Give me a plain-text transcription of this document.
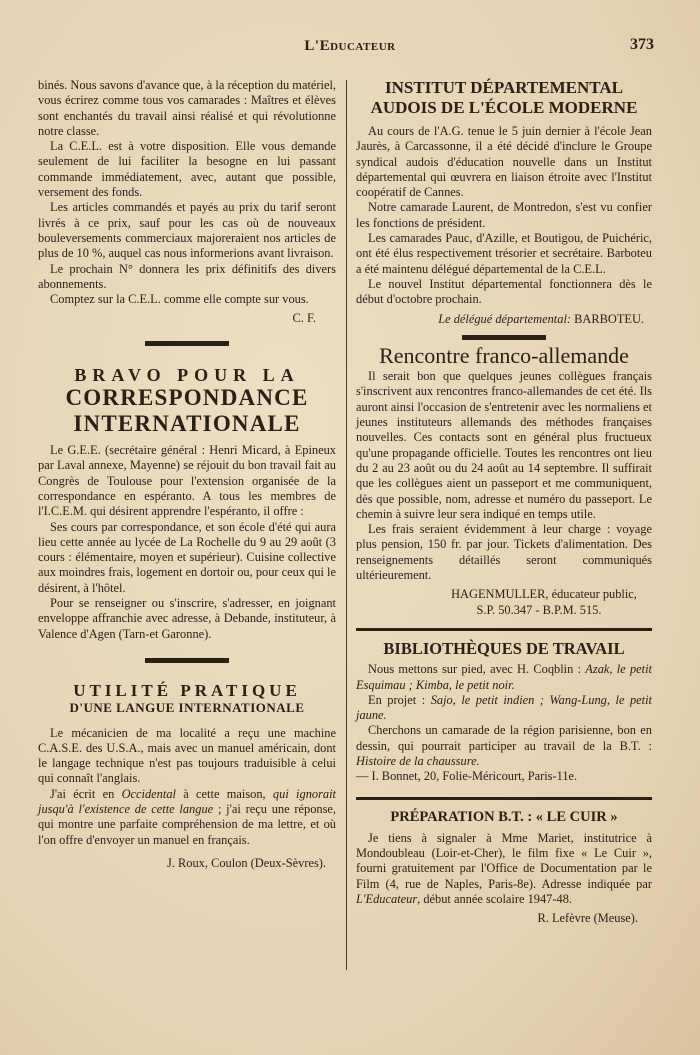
L'Educateur	373

binés. Nous savons d'avance que, à la réception du matériel, vous écrirez comme tous vos camarades : Maîtres et élèves sont enchantés du travail ainsi réalisé et qui révolutionne notre classe.

La C.E.L. est à votre disposition. Elle vous demande seulement de lui faciliter la besogne en lui passant commande immédiatement, avec, autant que possible, versement des fonds.

Les articles commandés et payés au prix du tarif seront livrés à ce prix, sauf pour les cas où de nouveaux bouleversements commerciaux majoreraient nos articles de plus de 10 %, auquel cas nous informerions avant livraison.

Le prochain N° donnera les prix définitifs des divers abonnements.

Comptez sur la C.E.L. comme elle compte sur vous.

C. F.
BRAVO POUR LA
CORRESPONDANCE
INTERNATIONALE

Le G.E.E. (secrétaire général : Henri Micard, à Epineux par Laval annexe, Mayenne) se réjouit du bon travail fait au Congrès de Toulouse pour l'extension organisée de la correspondance en espéranto. A tous les membres de l'I.C.E.M. qui désirent apprendre l'espéranto, il offre :

Ses cours par correspondance, et son école d'été qui aura lieu cette année au lycée de La Rochelle du 9 au 29 août (3 cours : élémentaire, moyen et supérieur). Cuisine collective aux moindres frais, logement en dortoir ou, pour ceux qui le désirent, à l'hôtel.

Pour se renseigner ou s'inscrire, s'adresser, en joignant enveloppe affranchie avec adresse, à Debande, instituteur, à Valence d'Agen (Tarn-et Garonne).

UTILITÉ PRATIQUE
D'UNE LANGUE INTERNATIONALE

Le mécanicien de ma localité a reçu une machine C.A.S.E. des U.S.A., mais avec un manuel américain, dont le langage technique n'est pas toujours traduisible à celui qui connaît l'anglais.

J'ai écrit en Occidental à cette maison, qui ignorait jusqu'à l'existence de cette langue ; j'ai reçu une réponse, qui montre une parfaite compréhension de ma lettre, et où l'on offre d'envoyer un manuel en français.

J. Roux, Coulon (Deux-Sèvres).
INSTITUT DÉPARTEMENTAL AUDOIS DE L'ÉCOLE MODERNE

Au cours de l'A.G. tenue le 5 juin dernier à l'école Jean Jaurès, à Carcassonne, il a été décidé d'inclure le Groupe syndical audois d'éducation nouvelle dans un Institut départemental qui œuvrera en liaison étroite avec l'Institut coopératif de Cannes.

Notre camarade Laurent, de Montredon, s'est vu confier les fonctions de président.

Les camarades Pauc, d'Azille, et Boutigou, de Puichéric, ont été élus respectivement trésorier et secrétaire. Barboteu a été maintenu délégué départemental de la C.E.L.

Le nouvel Institut départemental fonctionnera dès le début d'octobre prochain.

Le délégué départemental: BARBOTEU.
Rencontre franco-allemande

Il serait bon que quelques jeunes collègues français s'inscrivent aux rencontres franco-allemandes de cet été. Ils auront ainsi l'occasion de s'entretenir avec les normaliens et jeunes instituteurs allemands des méthodes françaises nouvelles. Ces contacts sont en général plus fructueux qu'une propagande officielle. Toutes les rencontres ont lieu du 2 au 23 août ou du 24 août au 14 septembre. Il suffirait que les collègues aient un passeport et me communiquent, dès que possible, nom, adresse et numéro du passeport. Le chemin à suivre leur sera indiqué en temps utile.

Les frais seraient évidemment à leur charge : voyage plus pension, 150 fr. par jour. Tickets d'alimentation. Des renseignements détaillés seront communiqués ultérieurement.

HAGENMULLER, éducateur public,
S.P. 50.347 - B.P.M. 515.
BIBLIOTHÈQUES DE TRAVAIL

Nous mettons sur pied, avec H. Coqblin : Azak, le petit Esquimau ; Kimba, le petit noir.

En projet : Sajo, le petit indien ; Wang-Lung, le petit jaune.

Cherchons un camarade de la région parisienne, bon en dessin, qui pourrait participer au travail de la B.T. : Histoire de la chaussure.

— I. Bonnet, 20, Folie-Méricourt, Paris-11e.

PRÉPARATION B.T. : « LE CUIR »

Je tiens à signaler à Mme Mariet, institutrice à Mondoubleau (Loir-et-Cher), le film fixe « Le Cuir », fourni gratuitement par l'Office de Documentation par le Film (4, rue de Naples, Paris-8e). Adresse indiquée par L'Educateur, début année scolaire 1947-48.

R. Lefèvre (Meuse).
